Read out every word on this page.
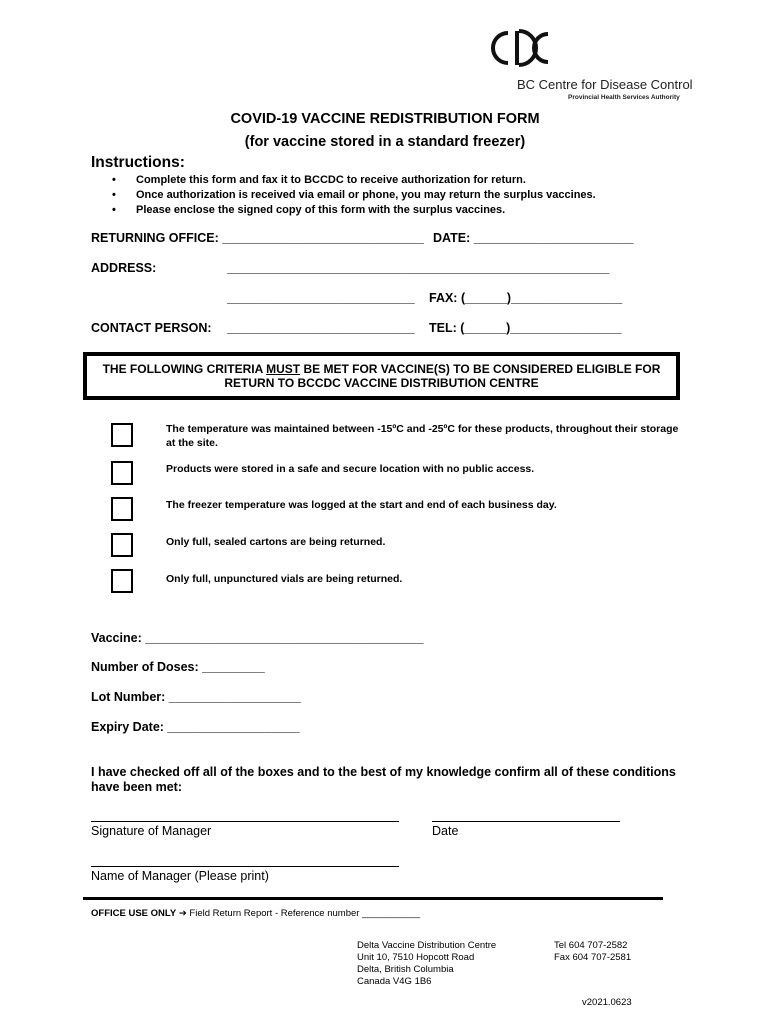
BC Centre for Disease Control
Provincial Health Services Authority
COVID-19 VACCINE REDISTRIBUTION FORM
(for vaccine stored in a standard freezer)
Instructions:
• Complete this form and fax it to BCCDC to receive authorization for return.
• Once authorization is received via email or phone, you may return the surplus vaccines.
• Please enclose the signed copy of this form with the surplus vaccines.
RETURNING OFFICE: _____________________________ DATE: _______________________
ADDRESS:	_______________________________________________________
___________________________ FAX: (______)________________
CONTACT PERSON: ___________________________ TEL: (______)________________
THE FOLLOWING CRITERIA MUST BE MET FOR VACCINE(S) TO BE CONSIDERED ELIGIBLE FOR RETURN TO BCCDC VACCINE DISTRIBUTION CENTRE
The temperature was maintained between -15ºC and -25ºC for these products, throughout their storage at the site.
Products were stored in a safe and secure location with no public access.
The freezer temperature was logged at the start and end of each business day.
Only full, sealed cartons are being returned.
Only full, unpunctured vials are being returned.
Vaccine: ________________________________________
Number of Doses: _________
Lot Number: ___________________
Expiry Date: ___________________
I have checked off all of the boxes and to the best of my knowledge confirm all of these conditions have been met:
Signature of Manager	Date
Name of Manager (Please print)
OFFICE USE ONLY ➔ Field Return Report - Reference number ___________
Delta Vaccine Distribution Centre
Unit 10, 7510 Hopcott Road
Delta, British Columbia
Canada V4G 1B6
Tel 604 707-2582
Fax 604 707-2581
v2021.0623
